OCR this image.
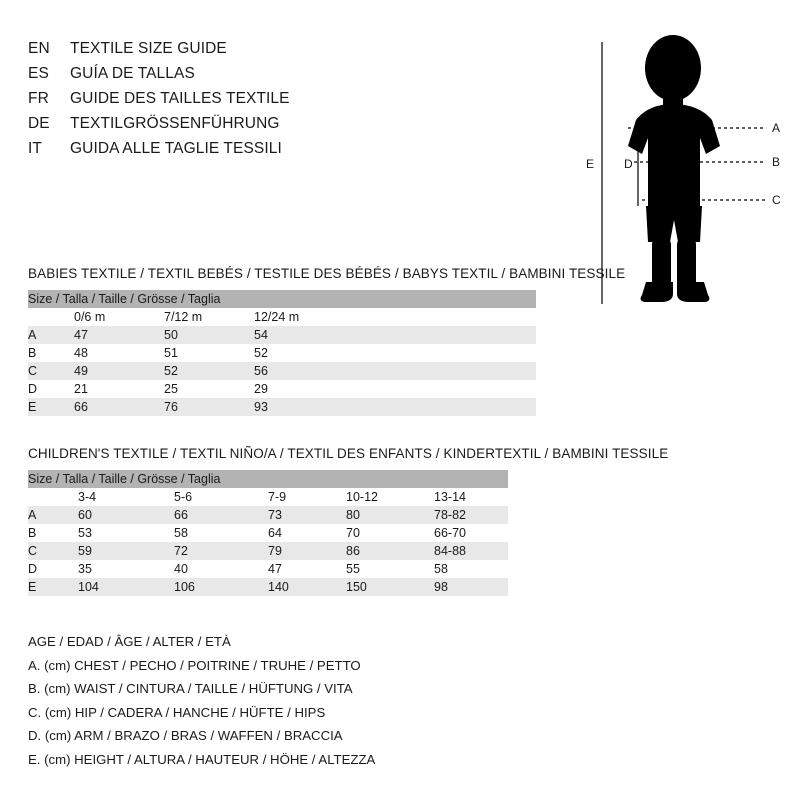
EN	TEXTILE SIZE GUIDE
ES	GUÍA DE TALLAS
FR	GUIDE DES TAILLES TEXTILE
DE	TEXTILGRÖSSENFÜHRUNG
IT	GUIDA ALLE TAGLIE TESSILI
A
B
C
D
E
BABIES TEXTILE / TEXTIL BEBÉS / TESTILE DES BÉBÉS / BABYS TEXTIL / BAMBINI TESSILE
Size / Talla / Taille / Grösse / Taglia			
	0/6 m	7/12 m	12/24 m
A	47	50	54
B	48	51	52
C	49	52	56
D	21	25	29
E	66	76	93
CHILDREN'S TEXTILE / TEXTIL NIÑO/A / TEXTIL DES ENFANTS / KINDERTEXTIL / BAMBINI TESSILE
Size / Talla / Taille / Grösse / Taglia					
	3-4	5-6	7-9	10-12	13-14
A	60	66	73	80	78-82
B	53	58	64	70	66-70
C	59	72	79	86	84-88
D	35	40	47	55	58
E	104	106	140	150	98
AGE / EDAD / ÂGE / ALTER / ETÀ
A. (cm) CHEST / PECHO / POITRINE / TRUHE / PETTO
B. (cm) WAIST / CINTURA / TAILLE / HÜFTUNG / VITA
C. (cm) HIP / CADERA / HANCHE / HÜFTE / HIPS
D. (cm) ARM / BRAZO / BRAS / WAFFEN / BRACCIA
E. (cm) HEIGHT / ALTURA / HAUTEUR / HÖHE / ALTEZZA
